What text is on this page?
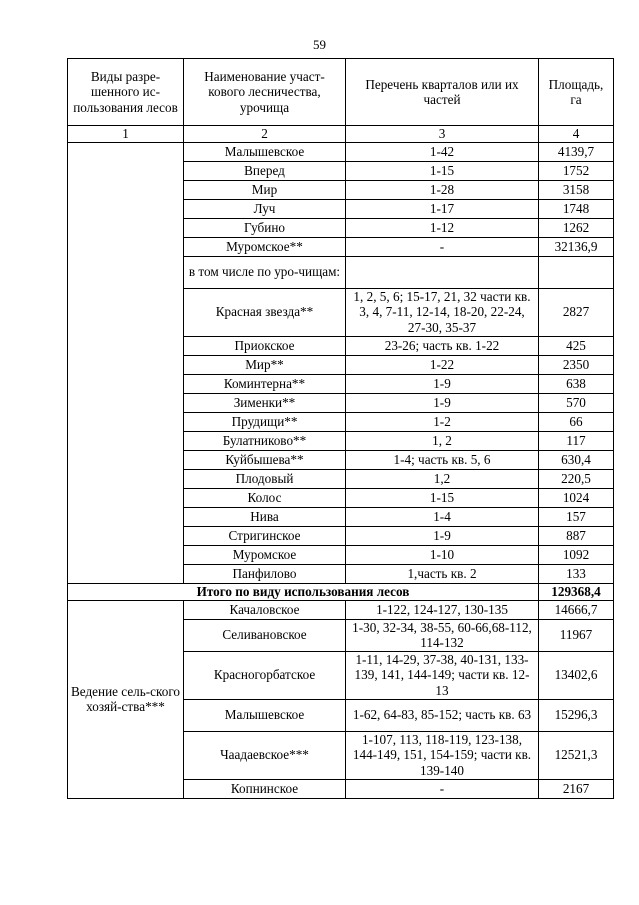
59
Виды разре-шенного ис-пользования лесов	Наименование участ-кового лесничества, урочища	Перечень кварталов или их частей	Площадь, га
1	2	3	4
	Малышевское	1-42	4139,7
	Вперед	1-15	1752
	Мир	1-28	3158
	Луч	1-17	1748
	Губино	1-12	1262
	Муромское**	-	32136,9
	в том числе по уро-чищам:		
	Красная звезда**	1, 2, 5, 6; 15-17, 21, 32 части кв. 3, 4, 7-11, 12-14, 18-20, 22-24, 27-30, 35-37	2827
	Приокское	23-26; часть кв. 1-22	425
	Мир**	1-22	2350
	Коминтерна**	1-9	638
	Зименки**	1-9	570
	Прудищи**	1-2	66
	Булатниково**	1, 2	117
	Куйбышева**	1-4; часть кв. 5, 6	630,4
	Плодовый	1,2	220,5
	Колос	1-15	1024
	Нива	1-4	157
	Стригинское	1-9	887
	Муромское	1-10	1092
	Панфилово	1,часть кв. 2	133
Итого по виду использования лесов			129368,4
Ведение сель-ского хозяй-ства***	Качаловское	1-122, 124-127, 130-135	14666,7
	Селивановское	1-30, 32-34, 38-55, 60-66,68-112, 114-132	11967
	Красногорбатское	1-11, 14-29, 37-38, 40-131, 133-139, 141, 144-149; части кв. 12-13	13402,6
	Малышевское	1-62, 64-83, 85-152; часть кв. 63	15296,3
	Чаадаевское***	1-107, 113, 118-119, 123-138, 144-149, 151, 154-159; части кв. 139-140	12521,3
	Копнинское	-	2167
